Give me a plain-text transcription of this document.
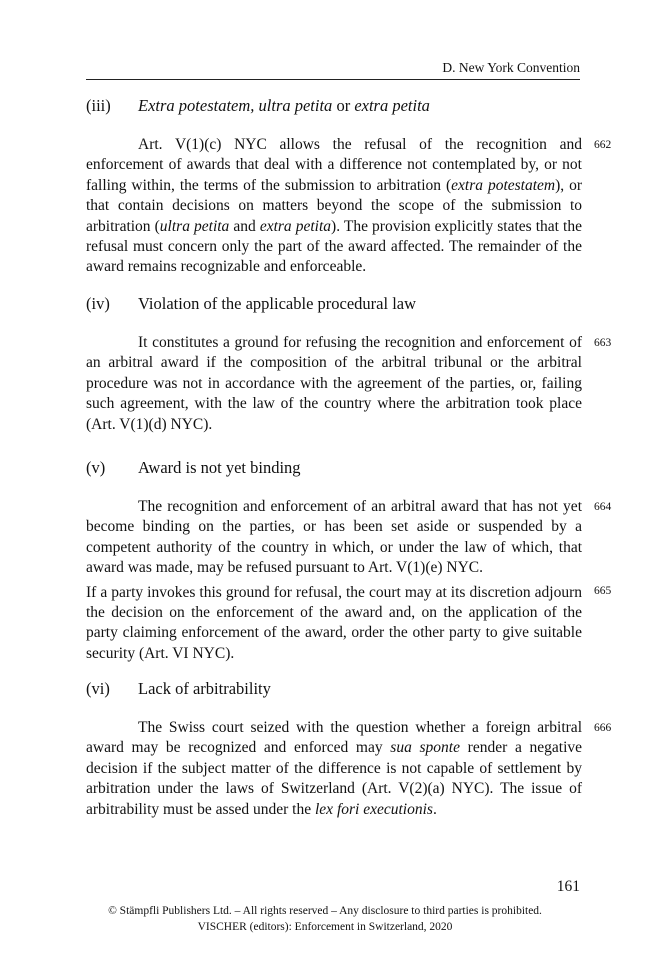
D. New York Convention
(iii) Extra potestatem, ultra petita or extra petita

Art. V(1)(c) NYC allows the refusal of the recognition and enforcement of awards that deal with a difference not contemplated by, or not falling within, the terms of the submission to arbitration (extra potestatem), or that contain decisions on matters beyond the scope of the submission to arbitration (ultra petita and extra petita). The provision explicitly states that the refusal must concern only the part of the award affected. The remainder of the award remains recognizable and enforceable.

662
(iv) Violation of the applicable procedural law

It constitutes a ground for refusing the recognition and enforcement of an arbitral award if the composition of the arbitral tribunal or the arbitral procedure was not in accordance with the agreement of the parties, or, failing such agreement, with the law of the country where the arbitration took place (Art. V(1)(d) NYC).

663
(v) Award is not yet binding

The recognition and enforcement of an arbitral award that has not yet become binding on the parties, or has been set aside or suspended by a competent authority of the country in which, or under the law of which, that award was made, may be refused pursuant to Art. V(1)(e) NYC.

If a party invokes this ground for refusal, the court may at its discretion adjourn the decision on the enforcement of the award and, on the application of the party claiming enforcement of the award, order the other party to give suitable security (Art. VI NYC).

664
665
(vi) Lack of arbitrability

The Swiss court seized with the question whether a foreign arbitral award may be recognized and enforced may sua sponte render a negative decision if the subject matter of the difference is not capable of settlement by arbitration under the laws of Switzerland (Art. V(2)(a) NYC). The issue of arbitrability must be assed under the lex fori executionis.

666
161
© Stämpfli Publishers Ltd. – All rights reserved – Any disclosure to third parties is prohibited.
VISCHER (editors): Enforcement in Switzerland, 2020
